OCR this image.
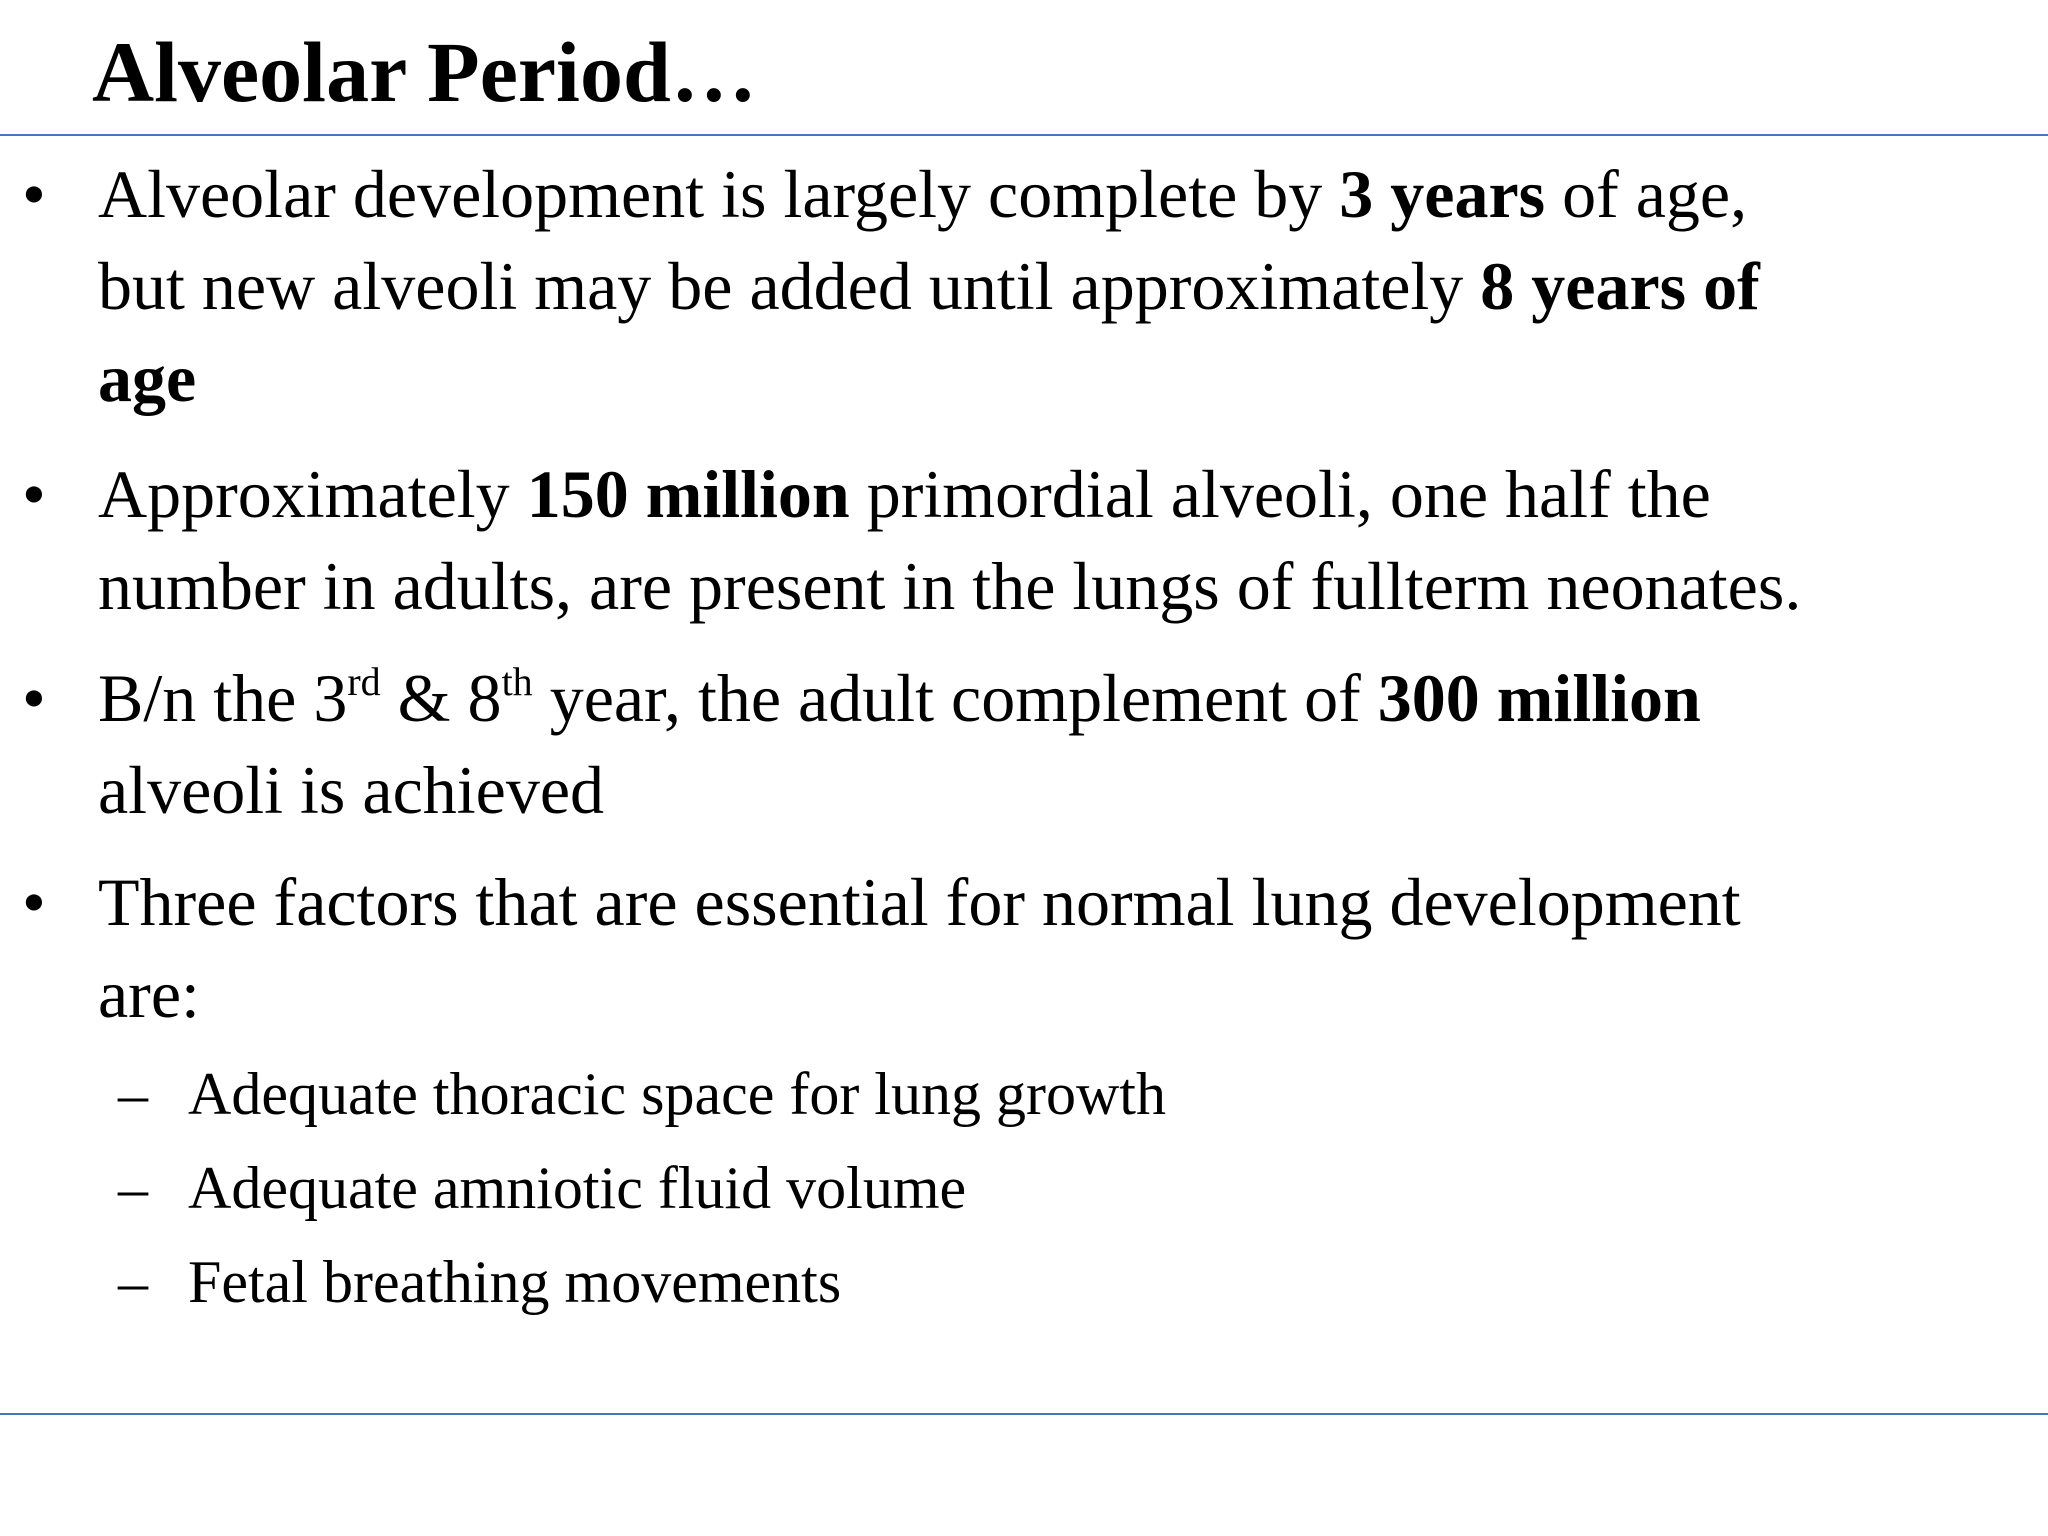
Alveolar Period…
• Alveolar development is largely complete by 3 years of age,
but new alveoli may be added until approximately 8 years of
age
• Approximately 150 million primordial alveoli, one half the
number in adults, are present in the lungs of fullterm neonates.
• B/n the 3rd & 8th year, the adult complement of 300 million
alveoli is achieved
• Three factors that are essential for normal lung development
are:
– Adequate thoracic space for lung growth
– Adequate amniotic fluid volume
– Fetal breathing movements
